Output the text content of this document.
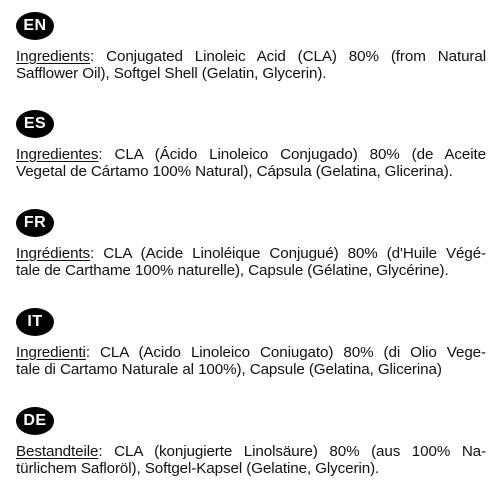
EN
Ingredients: Conjugated Linoleic Acid (CLA) 80% (from Natural
Safflower Oil), Softgel Shell (Gelatin, Glycerin).
ES
Ingredientes: CLA (Ácido Linoleico Conjugado) 80% (de Aceite
Vegetal de Cártamo 100% Natural), Cápsula (Gelatina, Glicerina).
FR
Ingrédients: CLA (Acide Linoléique Conjugué) 80% (d'Huile Végé-
tale de Carthame 100% naturelle), Capsule (Gélatine, Glycérine).
IT
Ingredienti: CLA (Acido Linoleico Coniugato) 80% (di Olio Vege-
tale di Cartamo Naturale al 100%), Capsule (Gelatina, Glicerina)
DE
Bestandteile: CLA (konjugierte Linolsäure) 80% (aus 100% Na-
türlichem Saflоröl), Softgel-Kapsel (Gelatine, Glycerin).
